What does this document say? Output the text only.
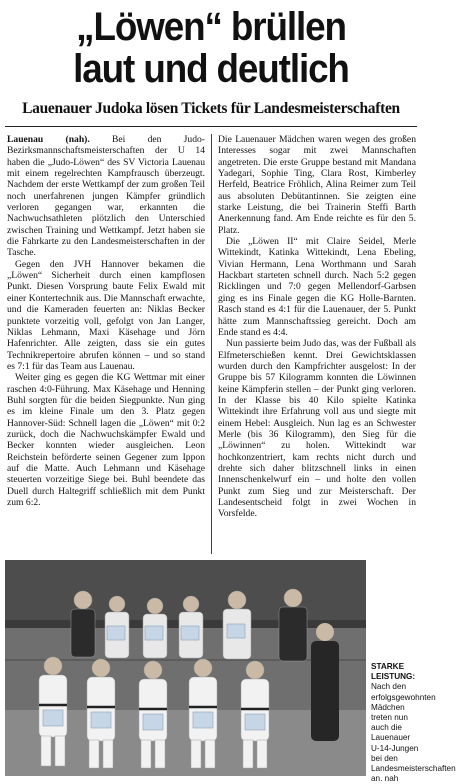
„Löwen“ brüllen
laut und deutlich
Lauenauer Judoka lösen Tickets für Landesmeisterschaften

Lauenau (nah). Bei den Judo-Bezirksmannschaftsmeisterschaften der U 14 haben die „Judo-Löwen“ des SV Victoria Lauenau mit einem regelrechten Kampfrausch überzeugt. Nachdem der erste Wettkampf der zum großen Teil noch unerfahrenen jungen Kämpfer gründlich verloren gegangen war, erkannten die Nachwuchsathleten plötzlich den Unterschied zwischen Training und Wettkampf. Jetzt haben sie die Fahrkarte zu den Landesmeisterschaften in der Tasche.

Gegen den JVH Hannover bekamen die „Löwen“ Sicherheit durch einen kampflosen Punkt. Diesen Vorsprung baute Felix Ewald mit einer Kontertechnik aus. Die Mannschaft erwachte, und die Kameraden feuerten an: Niklas Becker punktete vorzeitig voll, gefolgt von Jan Langer, Niklas Lehmann, Maxi Käsehage und Jörn Hafenrichter. Alle zeigten, dass sie ein gutes Technikrepertoire abrufen können – und so stand es 7:1 für das Team aus Lauenau.

Weiter ging es gegen die KG Wettmar mit einer raschen 4:0-Führung. Max Käsehage und Henning Buhl sorgten für die beiden Siegpunkte. Nun ging es im kleine Finale um den 3. Platz gegen Hannover-Süd: Schnell lagen die „Löwen“ mit 0:2 zurück, doch die Nachwuchskämpfer Ewald und Becker konnten wieder ausgleichen. Leon Reichstein beförderte seinen Gegener zum Ippon auf die Matte. Auch Lehmann und Käsehage steuerten vorzeitige Siege bei. Buhl beendete das Duell durch Haltegriff schließlich mit dem Punkt zum 6:2.

Die Lauenauer Mädchen waren wegen des großen Interesses sogar mit zwei Mannschaften angetreten. Die erste Gruppe bestand mit Mandana Yadegari, Sophie Ting, Clara Rost, Kimberley Herfeld, Beatrice Fröhlich, Alina Reimer zum Teil aus absoluten Debütantinnen. Sie zeigten eine starke Leistung, die bei Trainerin Steffi Barth Anerkennung fand. Am Ende reichte es für den 5. Platz.

Die „Löwen II“ mit Claire Seidel, Merle Wittekindt, Katinka Wittekindt, Lena Ebeling, Vivian Hermann, Lena Worthmann und Sarah Hackbart starteten schnell durch. Nach 5:2 gegen Ricklingen und 7:0 gegen Mellendorf-Garbsen ging es ins Finale gegen die KG Holle-Barnten. Rasch stand es 4:1 für die Lauenauer, der 5. Punkt hätte zum Mannschaftssieg gereicht. Doch am Ende stand es 4:4.

Nun passierte beim Judo das, was der Fußball als Elfmeterschießen kennt. Drei Gewichtsklassen wurden durch den Kampfrichter ausgelost: In der Gruppe bis 57 Kilogramm konnten die Löwinnen keine Kämpferin stellen – der Punkt ging verloren. In der Klasse bis 40 Kilo spielte Katinka Wittekindt ihre Erfahrung voll aus und siegte mit einem Hebel: Ausgleich. Nun lag es an Schwester Merle (bis 36 Kilogramm), den Sieg für die „Löwinnen“ zu holen. Wittekindt war hochkonzentriert, kam rechts nicht durch und drehte sich daher blitzschnell links in einen Innenschenkelwurf ein – und holte den vollen Punkt zum Sieg und zur Meisterschaft. Der Landesentscheid folgt in zwei Wochen in Vorsfelde.

STARKE LEISTUNG:
Nach den erfolgsgewohnten Mädchen treten nun auch die Lauenauer U-14-Jungen bei den Landesmeisterschaften an. nah
